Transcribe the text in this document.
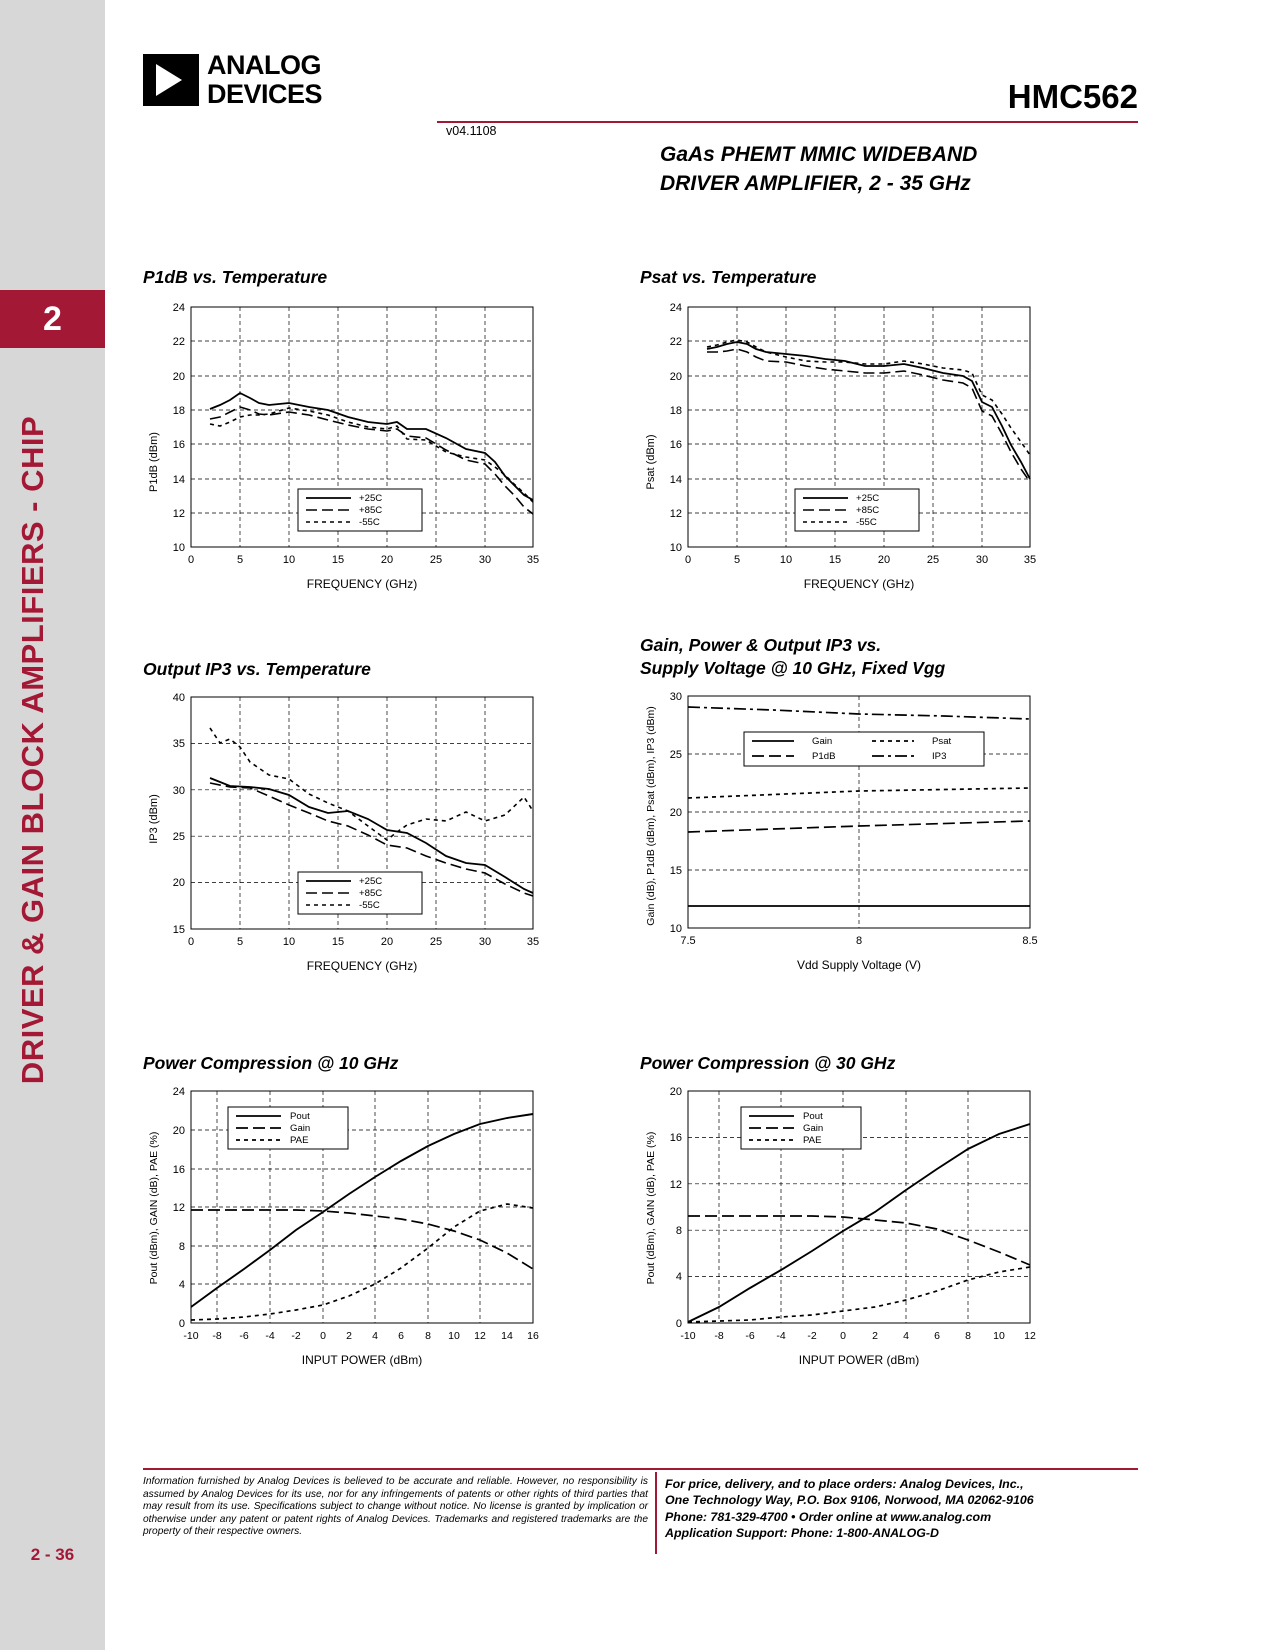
2
DRIVER & GAIN BLOCK AMPLIFIERS - CHIP
2 - 36
ANALOG
DEVICES	HMC562
v04.1108
GaAs PHEMT MMIC WIDEBAND
DRIVER AMPLIFIER, 2 - 35 GHz
P1dB vs. Temperature
P1dB (dBm)
10
12
14
16
18
20
22
24
0	5	10	15	20	25	30	35
+25C
+85C
-55C
FREQUENCY (GHz)
Psat vs. Temperature
Psat (dBm)
10
12
14
16
18
20
22
24
0	5	10	15	20	25	30	35
+25C
+85C
-55C
FREQUENCY (GHz)
Output IP3 vs. Temperature
IP3 (dBm)
15
20
25
30
35
40
0	5	10	15	20	25	30	35
+25C
+85C
-55C
FREQUENCY (GHz)
Gain, Power & Output IP3 vs.
Supply Voltage @ 10 GHz, Fixed Vgg
Gain (dB), P1dB (dBm), Psat (dBm), IP3 (dBm)
10
15
20
25
30
7.5	8	8.5
Gain
P1dB
Psat
IP3
Vdd Supply Voltage (V)
Power Compression @ 10 GHz
Pout (dBm), GAIN (dB), PAE (%)
0
4
8
12
16
20
24
-10 -8 -6 -4 -2 0 2 4 6 8 10 12 14 16
Pout
Gain
PAE
INPUT POWER (dBm)
Power Compression @ 30 GHz
Pout (dBm), GAIN (dB), PAE (%)
0
4
8
12
16
20
-10 -8 -6 -4 -2 0 2 4 6 8 10 12
Pout
Gain
PAE
INPUT POWER (dBm)
Information furnished by Analog Devices is believed to be accurate and reliable. However, no responsibility is assumed by Analog Devices for its use, nor for any infringements of patents or other rights of third parties that may result from its use. Specifications subject to change without notice. No license is granted by implication or otherwise under any patent or patent rights of Analog Devices. Trademarks and registered trademarks are the property of their respective owners.
For price, delivery, and to place orders: Analog Devices, Inc.,
One Technology Way, P.O. Box 9106, Norwood, MA 02062-9106
Phone: 781-329-4700 • Order online at www.analog.com
Application Support: Phone: 1-800-ANALOG-D
